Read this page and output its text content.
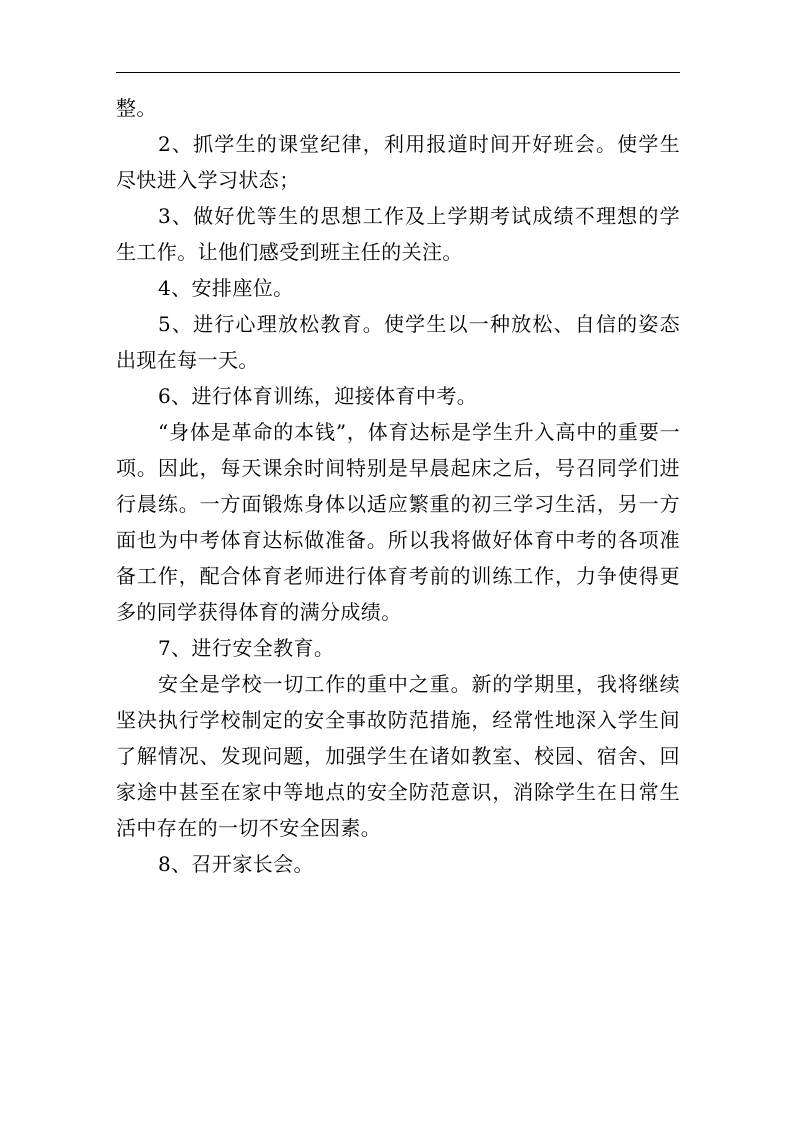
整。

2、抓学生的课堂纪律，利用报道时间开好班会。使学生尽快进入学习状态；

3、做好优等生的思想工作及上学期考试成绩不理想的学生工作。让他们感受到班主任的关注。

4、安排座位。

5、进行心理放松教育。使学生以一种放松、自信的姿态出现在每一天。

6、进行体育训练，迎接体育中考。

“身体是革命的本钱”，体育达标是学生升入高中的重要一项。因此，每天课余时间特别是早晨起床之后，号召同学们进行晨练。一方面锻炼身体以适应繁重的初三学习生活，另一方面也为中考体育达标做准备。所以我将做好体育中考的各项准备工作，配合体育老师进行体育考前的训练工作，力争使得更多的同学获得体育的满分成绩。

7、进行安全教育。

安全是学校一切工作的重中之重。新的学期里，我将继续坚决执行学校制定的安全事故防范措施，经常性地深入学生间了解情况、发现问题，加强学生在诸如教室、校园、宿舍、回家途中甚至在家中等地点的安全防范意识，消除学生在日常生活中存在的一切不安全因素。

8、召开家长会。
